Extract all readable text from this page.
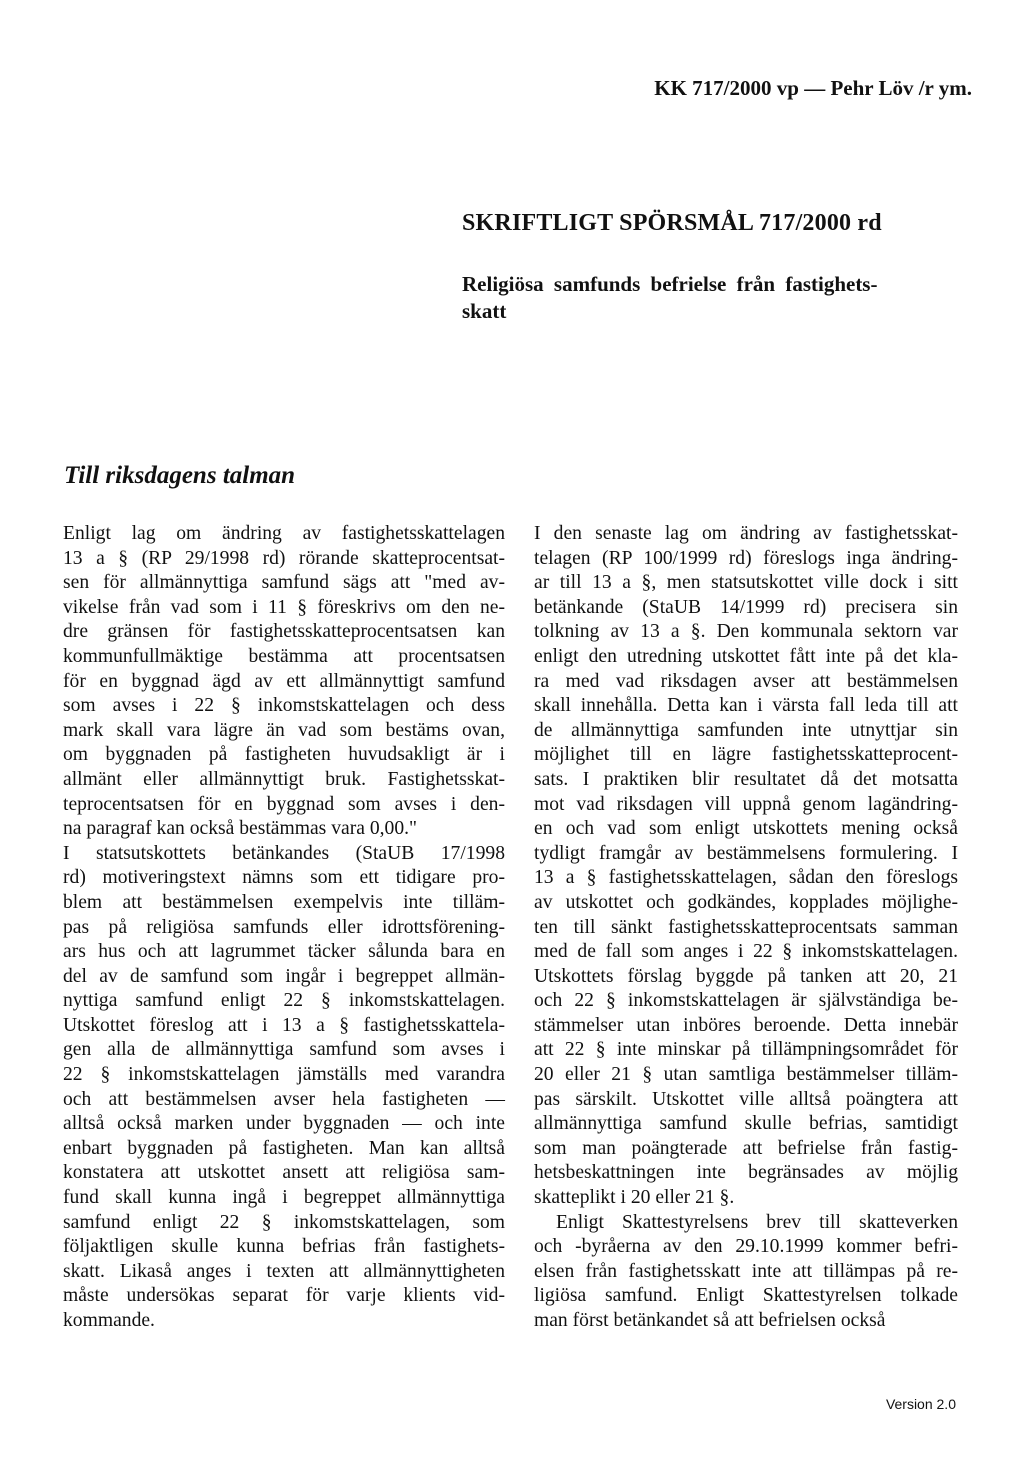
KK 717/2000 vp — Pehr Löv /r ym.
SKRIFTLIGT SPÖRSMÅL 717/2000 rd
Religiösa samfunds befrielse från fastighets-
skatt
Till riksdagens talman
Enligt lag om ändring av fastighetsskattelagen
13 a § (RP 29/1998 rd) rörande skatteprocentsat-
sen för allmännyttiga samfund sägs att "med av-
vikelse från vad som i 11 § föreskrivs om den ne-
dre gränsen för fastighetsskatteprocentsatsen kan
kommunfullmäktige bestämma att procentsatsen
för en byggnad ägd av ett allmännyttigt samfund
som avses i 22 § inkomstskattelagen och dess
mark skall vara lägre än vad som bestäms ovan,
om byggnaden på fastigheten huvudsakligt är i
allmänt eller allmännyttigt bruk. Fastighetsskat-
teprocentsatsen för en byggnad som avses i den-
na paragraf kan också bestämmas vara 0,00."
I statsutskottets betänkandes (StaUB 17/1998
rd) motiveringstext nämns som ett tidigare pro-
blem att bestämmelsen exempelvis inte tilläm-
pas på religiösa samfunds eller idrottsförening-
ars hus och att lagrummet täcker sålunda bara en
del av de samfund som ingår i begreppet allmän-
nyttiga samfund enligt 22 § inkomstskattelagen.
Utskottet föreslog att i 13 a § fastighetsskattela-
gen alla de allmännyttiga samfund som avses i
22 § inkomstskattelagen jämställs med varandra
och att bestämmelsen avser hela fastigheten —
alltså också marken under byggnaden — och inte
enbart byggnaden på fastigheten. Man kan alltså
konstatera att utskottet ansett att religiösa sam-
fund skall kunna ingå i begreppet allmännyttiga
samfund enligt 22 § inkomstskattelagen, som
följaktligen skulle kunna befrias från fastighets-
skatt. Likaså anges i texten att allmännyttigheten
måste undersökas separat för varje klients vid-
kommande.
I den senaste lag om ändring av fastighetsskat-
telagen (RP 100/1999 rd) föreslogs inga ändring-
ar till 13 a §, men statsutskottet ville dock i sitt
betänkande (StaUB 14/1999 rd) precisera sin
tolkning av 13 a §. Den kommunala sektorn var
enligt den utredning utskottet fått inte på det kla-
ra med vad riksdagen avser att bestämmelsen
skall innehålla. Detta kan i värsta fall leda till att
de allmännyttiga samfunden inte utnyttjar sin
möjlighet till en lägre fastighetsskatteprocent-
sats. I praktiken blir resultatet då det motsatta
mot vad riksdagen vill uppnå genom lagändring-
en och vad som enligt utskottets mening också
tydligt framgår av bestämmelsens formulering. I
13 a § fastighetsskattelagen, sådan den föreslogs
av utskottet och godkändes, kopplades möjlighe-
ten till sänkt fastighetsskatteprocentsats samman
med de fall som anges i 22 § inkomstskattelagen.
Utskottets förslag byggde på tanken att 20, 21
och 22 § inkomstskattelagen är självständiga be-
stämmelser utan inböres beroende. Detta innebär
att 22 § inte minskar på tillämpningsområdet för
20 eller 21 § utan samtliga bestämmelser tilläm-
pas särskilt. Utskottet ville alltså poängtera att
allmännyttiga samfund skulle befrias, samtidigt
som man poängterade att befrielse från fastig-
hetsbeskattningen inte begränsades av möjlig
skatteplikt i 20 eller 21 §.
Enligt Skattestyrelsens brev till skatteverken
och -byråerna av den 29.10.1999 kommer befri-
elsen från fastighetsskatt inte att tillämpas på re-
ligiösa samfund. Enligt Skattestyrelsen tolkade
man först betänkandet så att befrielsen också
Version 2.0
